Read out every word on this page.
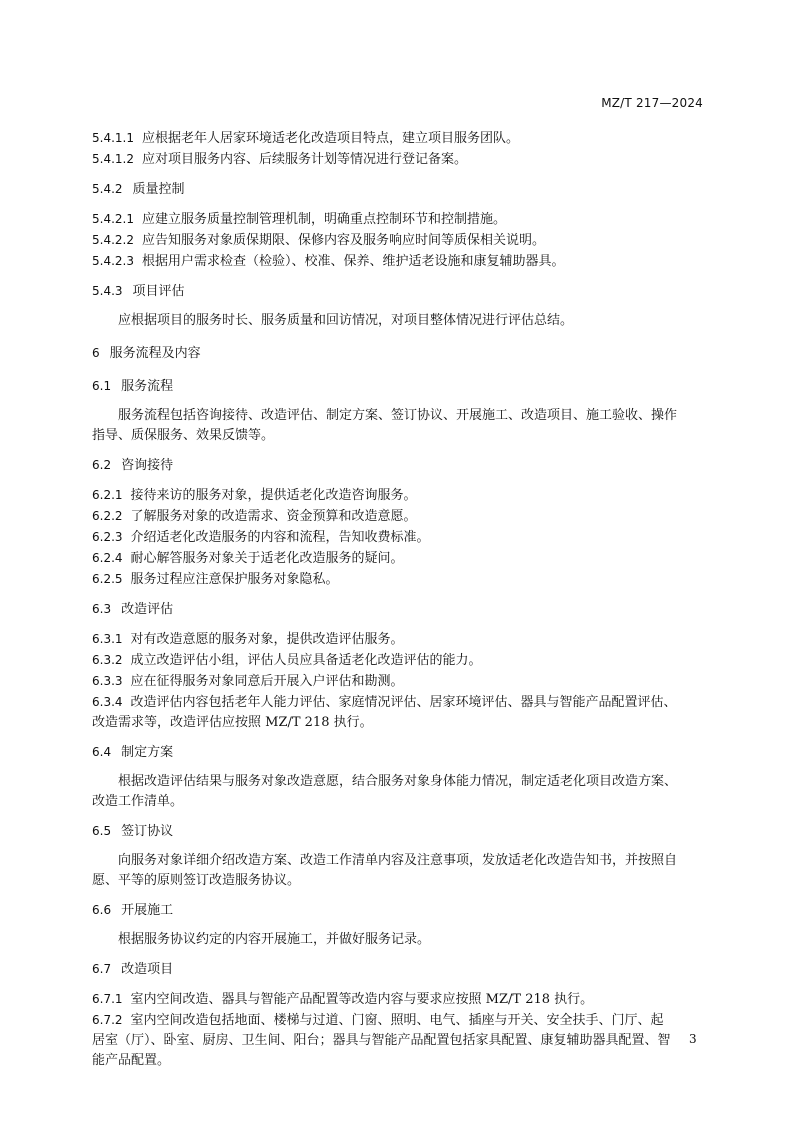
MZ/T 217—2024
5.4.1.1 应根据老年人居家环境适老化改造项目特点，建立项目服务团队。
5.4.1.2 应对项目服务内容、后续服务计划等情况进行登记备案。
5.4.2 质量控制
5.4.2.1 应建立服务质量控制管理机制，明确重点控制环节和控制措施。
5.4.2.2 应告知服务对象质保期限、保修内容及服务响应时间等质保相关说明。
5.4.2.3 根据用户需求检查（检验）、校准、保养、维护适老设施和康复辅助器具。
5.4.3 项目评估
应根据项目的服务时长、服务质量和回访情况，对项目整体情况进行评估总结。
6 服务流程及内容
6.1 服务流程
服务流程包括咨询接待、改造评估、制定方案、签订协议、开展施工、改造项目、施工验收、操作
指导、质保服务、效果反馈等。
6.2 咨询接待
6.2.1 接待来访的服务对象，提供适老化改造咨询服务。
6.2.2 了解服务对象的改造需求、资金预算和改造意愿。
6.2.3 介绍适老化改造服务的内容和流程，告知收费标准。
6.2.4 耐心解答服务对象关于适老化改造服务的疑问。
6.2.5 服务过程应注意保护服务对象隐私。
6.3 改造评估
6.3.1 对有改造意愿的服务对象，提供改造评估服务。
6.3.2 成立改造评估小组，评估人员应具备适老化改造评估的能力。
6.3.3 应在征得服务对象同意后开展入户评估和勘测。
6.3.4 改造评估内容包括老年人能力评估、家庭情况评估、居家环境评估、器具与智能产品配置评估、
改造需求等，改造评估应按照 MZ/T 218 执行。
6.4 制定方案
根据改造评估结果与服务对象改造意愿，结合服务对象身体能力情况，制定适老化项目改造方案、
改造工作清单。
6.5 签订协议
向服务对象详细介绍改造方案、改造工作清单内容及注意事项，发放适老化改造告知书，并按照自
愿、平等的原则签订改造服务协议。
6.6 开展施工
根据服务协议约定的内容开展施工，并做好服务记录。
6.7 改造项目
6.7.1 室内空间改造、器具与智能产品配置等改造内容与要求应按照 MZ/T 218 执行。
6.7.2 室内空间改造包括地面、楼梯与过道、门窗、照明、电气、插座与开关、安全扶手、门厅、起
居室（厅）、卧室、厨房、卫生间、阳台；器具与智能产品配置包括家具配置、康复辅助器具配置、智
能产品配置。
3
